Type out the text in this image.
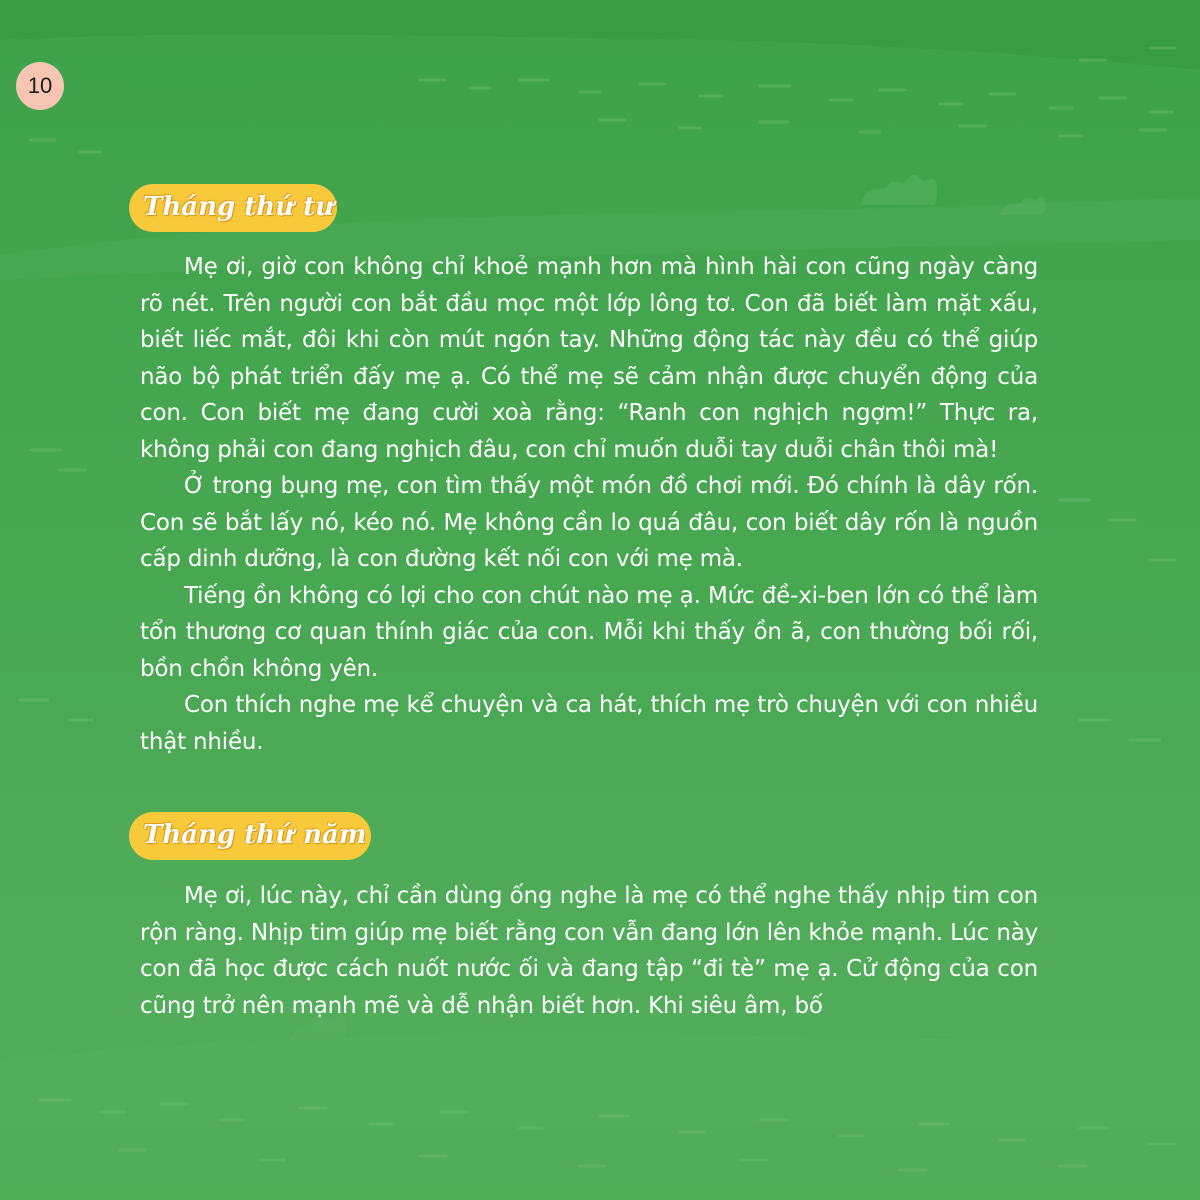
10
Tháng thứ tư

Mẹ ơi, giờ con không chỉ khoẻ mạnh hơn mà hình hài con cũng ngày càng rõ nét. Trên người con bắt đầu mọc một lớp lông tơ. Con đã biết làm mặt xấu, biết liếc mắt, đôi khi còn mút ngón tay. Những động tác này đều có thể giúp não bộ phát triển đấy mẹ ạ. Có thể mẹ sẽ cảm nhận được chuyển động của con. Con biết mẹ đang cười xoà rằng: “Ranh con nghịch ngợm!” Thực ra, không phải con đang nghịch đâu, con chỉ muốn duỗi tay duỗi chân thôi mà!

Ở trong bụng mẹ, con tìm thấy một món đồ chơi mới. Đó chính là dây rốn. Con sẽ bắt lấy nó, kéo nó. Mẹ không cần lo quá đâu, con biết dây rốn là nguồn cấp dinh dưỡng, là con đường kết nối con với mẹ mà.

Tiếng ồn không có lợi cho con chút nào mẹ ạ. Mức đề-xi-ben lớn có thể làm tổn thương cơ quan thính giác của con. Mỗi khi thấy ồn ã, con thường bối rối, bồn chồn không yên.

Con thích nghe mẹ kể chuyện và ca hát, thích mẹ trò chuyện với con nhiều thật nhiều.

Tháng thứ năm

Mẹ ơi, lúc này, chỉ cần dùng ống nghe là mẹ có thể nghe thấy nhịp tim con rộn ràng. Nhịp tim giúp mẹ biết rằng con vẫn đang lớn lên khỏe mạnh. Lúc này con đã học được cách nuốt nước ối và đang tập “đi tè” mẹ ạ. Cử động của con cũng trở nên mạnh mẽ và dễ nhận biết hơn. Khi siêu âm, bố
